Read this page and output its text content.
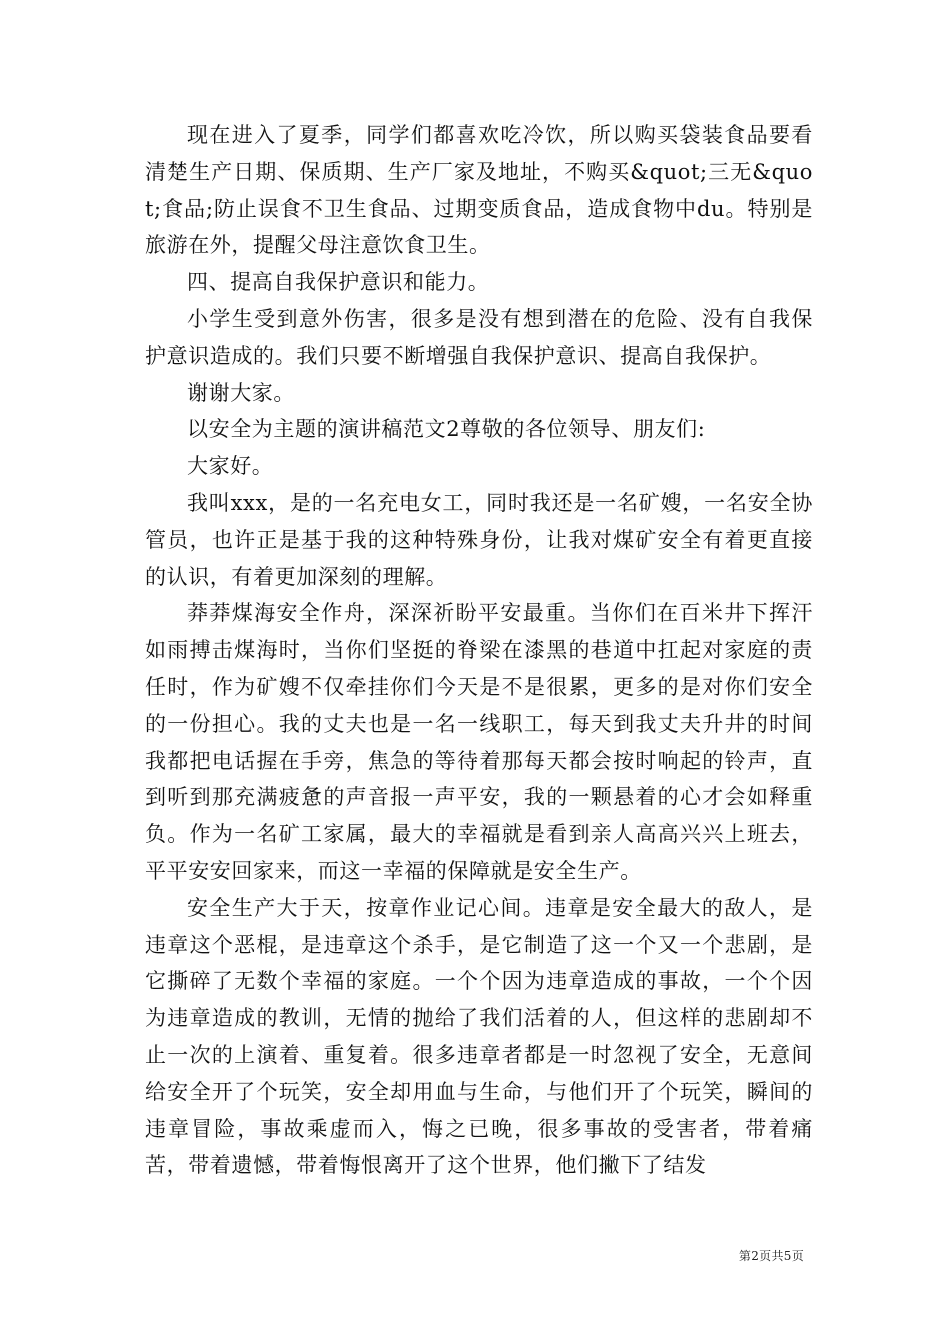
现在进入了夏季，同学们都喜欢吃冷饮，所以购买袋装食品要看清楚生产日期、保质期、生产厂家及地址，不购买&quot;三无&quot;食品;防止误食不卫生食品、过期变质食品，造成食物中du。特别是旅游在外，提醒父母注意饮食卫生。

四、提高自我保护意识和能力。

小学生受到意外伤害，很多是没有想到潜在的危险、没有自我保护意识造成的。我们只要不断增强自我保护意识、提高自我保护。

谢谢大家。

以安全为主题的演讲稿范文2尊敬的各位领导、朋友们:

大家好。

我叫xxx，是的一名充电女工，同时我还是一名矿嫂，一名安全协管员，也许正是基于我的这种特殊身份，让我对煤矿安全有着更直接的认识，有着更加深刻的理解。

莽莽煤海安全作舟，深深祈盼平安最重。当你们在百米井下挥汗如雨搏击煤海时，当你们坚挺的脊梁在漆黑的巷道中扛起对家庭的责任时，作为矿嫂不仅牵挂你们今天是不是很累，更多的是对你们安全的一份担心。我的丈夫也是一名一线职工，每天到我丈夫升井的时间我都把电话握在手旁，焦急的等待着那每天都会按时响起的铃声，直到听到那充满疲惫的声音报一声平安，我的一颗悬着的心才会如释重负。作为一名矿工家属，最大的幸福就是看到亲人高高兴兴上班去，平平安安回家来，而这一幸福的保障就是安全生产。

安全生产大于天，按章作业记心间。违章是安全最大的敌人，是违章这个恶棍，是违章这个杀手，是它制造了这一个又一个悲剧，是它撕碎了无数个幸福的家庭。一个个因为违章造成的事故，一个个因为违章造成的教训，无情的抛给了我们活着的人，但这样的悲剧却不止一次的上演着、重复着。很多违章者都是一时忽视了安全，无意间给安全开了个玩笑，安全却用血与生命，与他们开了个玩笑，瞬间的违章冒险，事故乘虚而入，悔之已晚，很多事故的受害者，带着痛苦，带着遗憾，带着悔恨离开了这个世界，他们撇下了结发

第2页共5页
